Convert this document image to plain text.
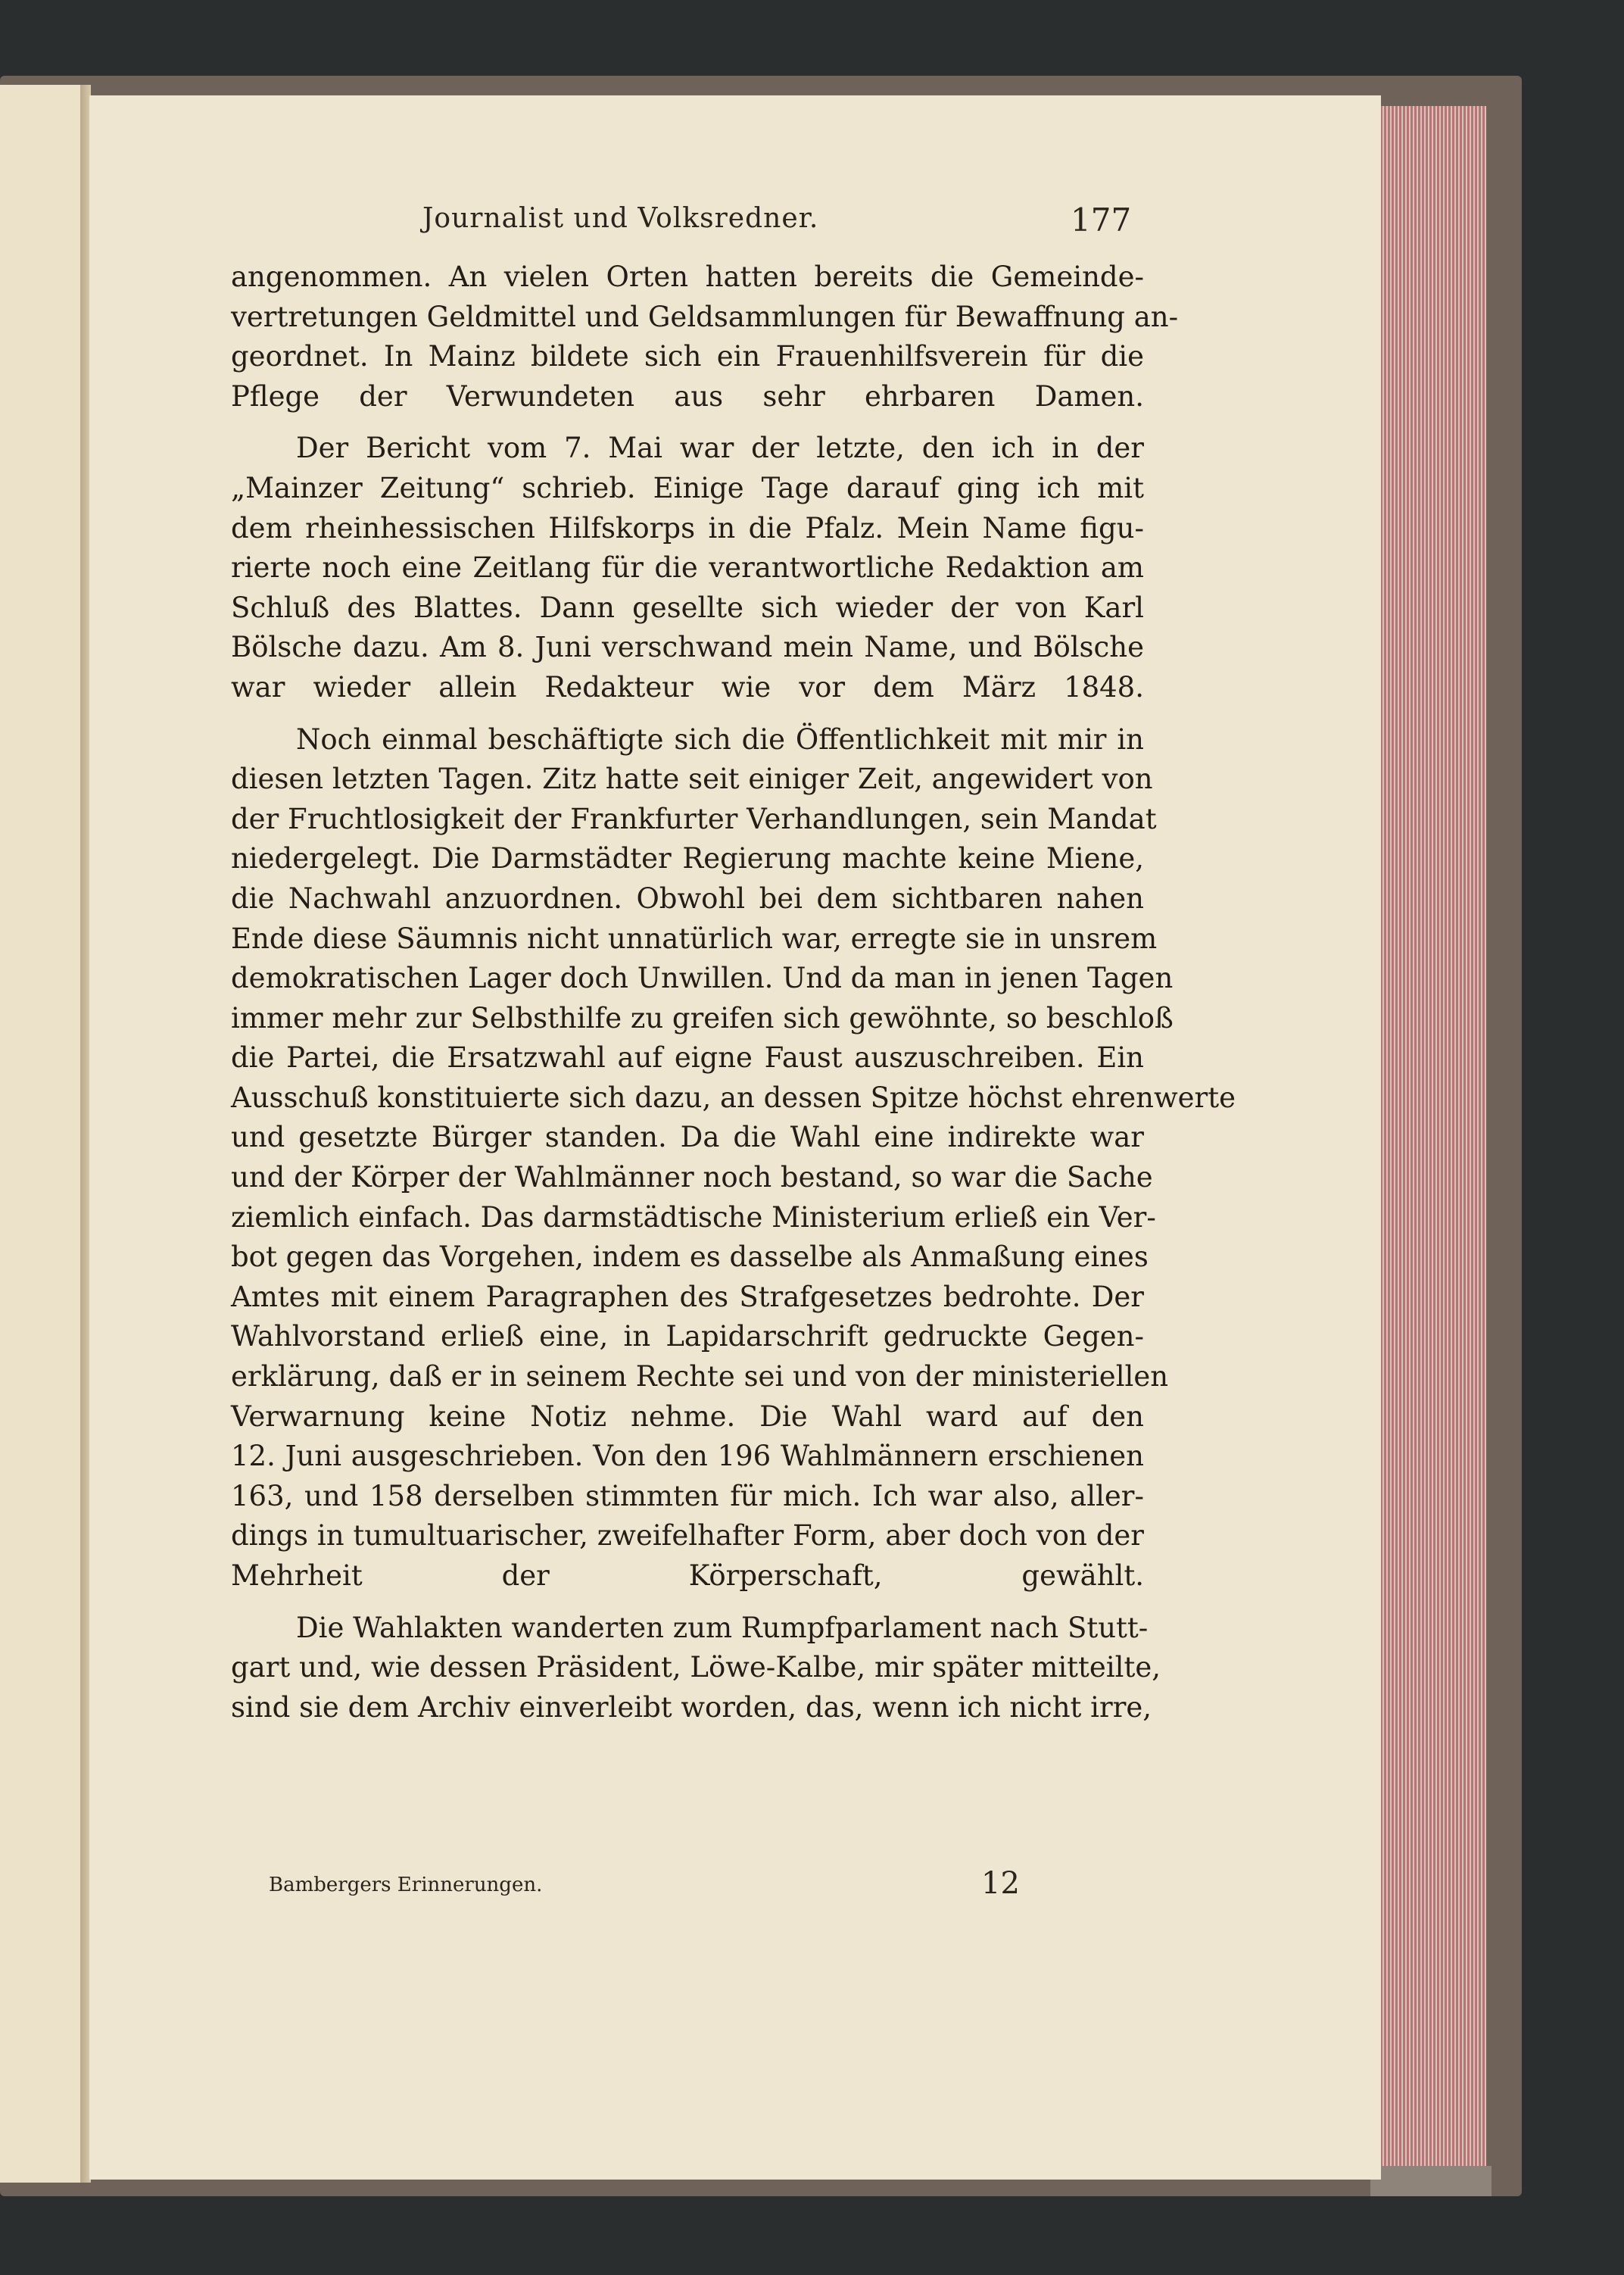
Journalist und Volksredner.	177

angenommen. An vielen Orten hatten bereits die Gemeinde-
vertretungen Geldmittel und Geldsammlungen für Bewaffnung an-
geordnet. In Mainz bildete sich ein Frauenhilfsverein für die
Pflege der Verwundeten aus sehr ehrbaren Damen.

Der Bericht vom 7. Mai war der letzte, den ich in der
„Mainzer Zeitung“ schrieb. Einige Tage darauf ging ich mit
dem rheinhessischen Hilfskorps in die Pfalz. Mein Name figu-
rierte noch eine Zeitlang für die verantwortliche Redaktion am
Schluß des Blattes. Dann gesellte sich wieder der von Karl
Bölsche dazu. Am 8. Juni verschwand mein Name, und Bölsche
war wieder allein Redakteur wie vor dem März 1848.

Noch einmal beschäftigte sich die Öffentlichkeit mit mir in
diesen letzten Tagen. Zitz hatte seit einiger Zeit, angewidert von
der Fruchtlosigkeit der Frankfurter Verhandlungen, sein Mandat
niedergelegt. Die Darmstädter Regierung machte keine Miene,
die Nachwahl anzuordnen. Obwohl bei dem sichtbaren nahen
Ende diese Säumnis nicht unnatürlich war, erregte sie in unsrem
demokratischen Lager doch Unwillen. Und da man in jenen Tagen
immer mehr zur Selbsthilfe zu greifen sich gewöhnte, so beschloß
die Partei, die Ersatzwahl auf eigne Faust auszuschreiben. Ein
Ausschuß konstituierte sich dazu, an dessen Spitze höchst ehrenwerte
und gesetzte Bürger standen. Da die Wahl eine indirekte war
und der Körper der Wahlmänner noch bestand, so war die Sache
ziemlich einfach. Das darmstädtische Ministerium erließ ein Ver-
bot gegen das Vorgehen, indem es dasselbe als Anmaßung eines
Amtes mit einem Paragraphen des Strafgesetzes bedrohte. Der
Wahlvorstand erließ eine, in Lapidarschrift gedruckte Gegen-
erklärung, daß er in seinem Rechte sei und von der ministeriellen
Verwarnung keine Notiz nehme. Die Wahl ward auf den
12. Juni ausgeschrieben. Von den 196 Wahlmännern erschienen
163, und 158 derselben stimmten für mich. Ich war also, aller-
dings in tumultuarischer, zweifelhafter Form, aber doch von der
Mehrheit der Körperschaft, gewählt.

Die Wahlakten wanderten zum Rumpfparlament nach Stutt-
gart und, wie dessen Präsident, Löwe-Kalbe, mir später mitteilte,
sind sie dem Archiv einverleibt worden, das, wenn ich nicht irre,

Bambergers Erinnerungen.	12
